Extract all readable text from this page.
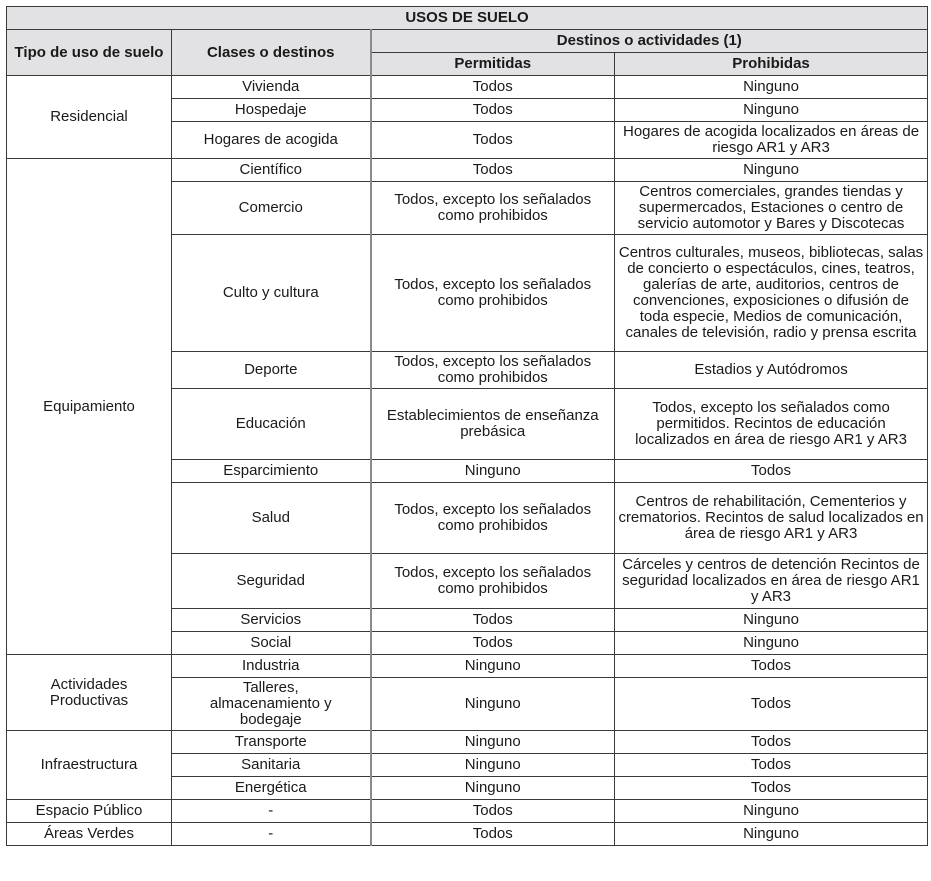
USOS DE SUELO			
Tipo de uso de suelo	Clases o destinos	Destinos o actividades (1)	
		Permitidas	Prohibidas
Residencial	Vivienda	Todos	Ninguno
	Hospedaje	Todos	Ninguno
	Hogares de acogida	Todos	Hogares de acogida localizados en áreas de riesgo AR1 y AR3
Equipamiento	Científico	Todos	Ninguno
	Comercio	Todos, excepto los señalados como prohibidos	Centros comerciales, grandes tiendas y supermercados, Estaciones o centro de servicio automotor y Bares y Discotecas
	Culto y cultura	Todos, excepto los señalados como prohibidos	Centros culturales, museos, bibliotecas, salas de concierto o espectáculos, cines, teatros, galerías de arte, auditorios, centros de convenciones, exposiciones o difusión de toda especie, Medios de comunicación, canales de televisión, radio y prensa escrita
	Deporte	Todos, excepto los señalados como prohibidos	Estadios y Autódromos
	Educación	Establecimientos de enseñanza prebásica	Todos, excepto los señalados como permitidos. Recintos de educación localizados en área de riesgo AR1 y AR3
	Esparcimiento	Ninguno	Todos
	Salud	Todos, excepto los señalados como prohibidos	Centros de rehabilitación, Cementerios y crematorios. Recintos de salud localizados en área de riesgo AR1 y AR3
	Seguridad	Todos, excepto los señalados como prohibidos	Cárceles y centros de detención Recintos de seguridad localizados en área de riesgo AR1 y AR3
	Servicios	Todos	Ninguno
	Social	Todos	Ninguno
Actividades Productivas	Industria	Ninguno	Todos
	Talleres, almacenamiento y bodegaje	Ninguno	Todos
Infraestructura	Transporte	Ninguno	Todos
	Sanitaria	Ninguno	Todos
	Energética	Ninguno	Todos
Espacio Público	-	Todos	Ninguno
Áreas Verdes	-	Todos	Ninguno
